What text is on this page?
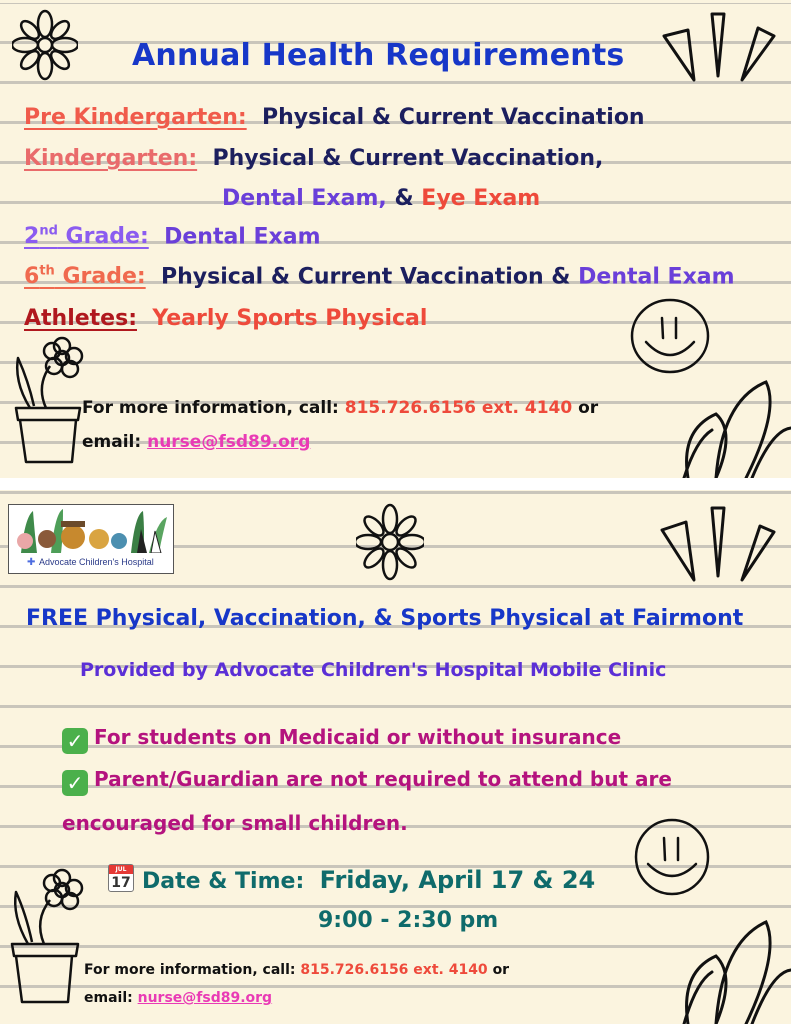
Annual Health Requirements
Pre Kindergarten: Physical & Current Vaccination
Kindergarten: Physical & Current Vaccination,
Dental Exam, & Eye Exam
2nd Grade: Dental Exam
6th Grade: Physical & Current Vaccination & Dental Exam
Athletes: Yearly Sports Physical
For more information, call: 815.726.6156 ext. 4140 or
email: nurse@fsd89.org
✚ Advocate Children's Hospital
FREE Physical, Vaccination, & Sports Physical at Fairmont
Provided by Advocate Children's Hospital Mobile Clinic
✓ For students on Medicaid or without insurance
✓ Parent/Guardian are not required to attend but are
encouraged for small children.
JUL
17 Date & Time: Friday, April 17 & 24
9:00 - 2:30 pm
For more information, call: 815.726.6156 ext. 4140 or
email: nurse@fsd89.org
